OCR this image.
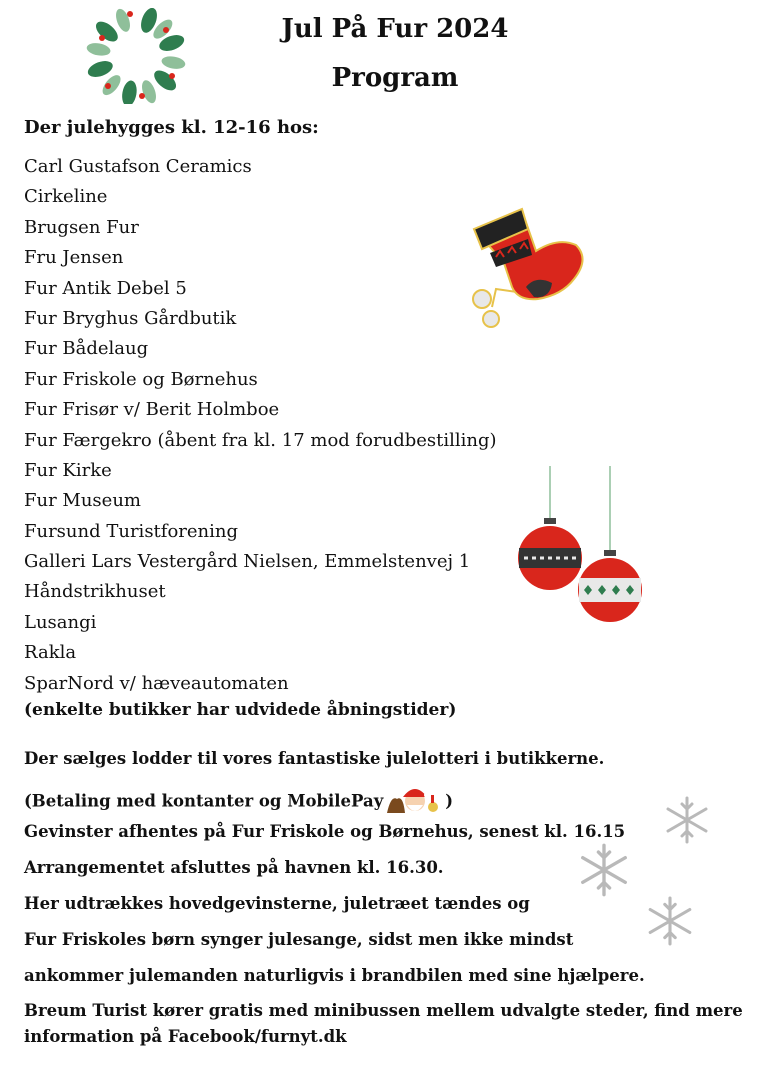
Jul På Fur 2024
Program
Der julehygges kl. 12-16 hos:
Carl Gustafson Ceramics
Cirkeline
Brugsen Fur
Fru Jensen
Fur Antik Debel 5
Fur Bryghus Gårdbutik
Fur Bådelaug
Fur Friskole og Børnehus
Fur Frisør v/ Berit Holmboe
Fur Færgekro (åbent fra kl. 17 mod forudbestilling)
Fur Kirke
Fur Museum
Fursund Turistforening
Galleri Lars Vestergård Nielsen, Emmelstenvej 1
Håndstrikhuset
Lusangi
Rakla
SparNord v/ hæveautomaten
(enkelte butikker har udvidede åbningstider)
Der sælges lodder til vores fantastiske julelotteri i butikkerne.
(Betaling med kontanter og MobilePay	)
Gevinster afhentes på Fur Friskole og Børnehus, senest kl. 16.15
Arrangementet afsluttes på havnen kl. 16.30.
Her udtrækkes hovedgevinsterne, juletræet tændes og
Fur Friskoles børn synger julesange, sidst men ikke mindst
ankommer julemanden naturligvis i brandbilen med sine hjælpere.
Breum Turist kører gratis med minibussen mellem udvalgte steder, find mere information på Facebook/furnyt.dk
